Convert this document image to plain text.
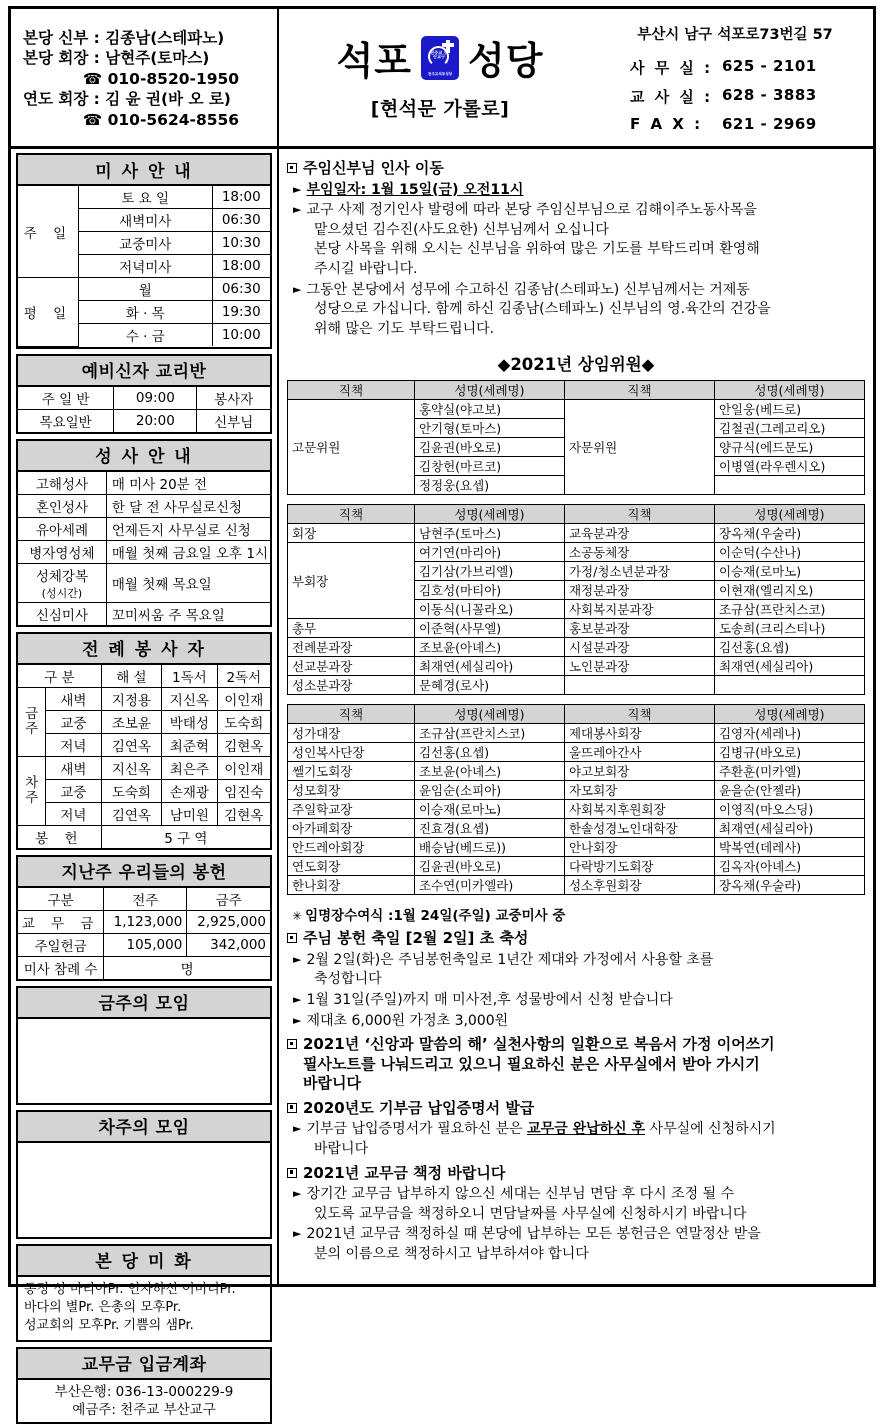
본당 신부 : 김종남(스테파노)
본당 회장 : 남현주(토마스)
☎ 010-8520-1950
연도 회장 : 김 윤 권(바 오 로)
☎ 010-5624-8556
석포	천주교 부산교구
천주교석포성당 성당
[현석문 가롤로]
부산시 남구 석포로73번길 57
사 무 실 : 625 - 2101
교 사 실 : 628 - 3883
F A X :	621 - 2969
미 사 안 내
주 일	토 요 일	18:00
	새벽미사	06:30
	교중미사	10:30
	저녁미사	18:00
평 일	월	06:30
	화 · 목	19:30
	수 · 금	10:00
예비신자 교리반
주 일 반	09:00	봉사자
목요일반	20:00	신부님
성 사 안 내
고해성사	매 미사 20분 전
혼인성사	한 달 전 사무실로신청
유아세례	언제든지 사무실로 신청
병자영성체	매월 첫째 금요일 오후 1시
성체강복
(성시간)	매월 첫째 목요일
신심미사	꼬미씨움 주 목요일
전 례 봉 사 자
구 분		해 설	1독서	2독서

금
주	새벽	지정용	지신옥	이인재
	교중	조보윤	박태성	도숙희
	저녁	김연옥	최준혁	김현옥

차
주	새벽	지신옥	최은주	이인재
	교중	도숙희	손재광	임진숙
	저녁	김연옥	남미원	김현옥
봉 헌		5 구 역		
지난주 우리들의 봉헌
구분	전주	금주
교 무 금	1,123,000	2,925,000
주일헌금	105,000	342,000
미사 참례 수	명	
금주의 모임
차주의 모임
본 당 미 화
동정 성 마리아Pr. 인자하신 어머니Pr.
바다의 별Pr. 은총의 모후Pr.
성교회의 모후Pr. 기쁨의 샘Pr.
교무금 입금계좌
부산은행: 036-13-000229-9
예금주: 천주교 부산교구
주임신부님 인사 이동
► 부임일자: 1월 15일(금) 오전11시
► 교구 사제 정기인사 발령에 따라 본당 주임신부님으로 김해이주노동사목을
맡으셨던 김수진(사도요한) 신부님께서 오십니다
본당 사목을 위해 오시는 신부님을 위하여 많은 기도를 부탁드리며 환영해
주시길 바랍니다.
► 그동안 본당에서 성무에 수고하신 김종남(스테파노) 신부님께서는 거제동
성당으로 가십니다. 함께 하신 김종남(스테파노) 신부님의 영.육간의 건강을
위해 많은 기도 부탁드립니다.
◆2021년 상임위원◆
직책	성명(세례명)	직책	성명(세례명)
고문위원	홍약실(야고보)	자문위원	안일웅(베드로)
	안기형(토마스)		김철권(그레고리오)
	김윤권(바오로)		양규식(에드문도)
	김창헌(마르코)		이병열(라우렌시오)
	정정웅(요셉)		
직책	성명(세례명)	직책	성명(세례명)
회장	남현주(토마스)	교육분과장	장옥채(우술라)
부회장	여기연(마리아)	소공동체장	이순덕(수산나)
	김기삼(가브리엘)	가정/청소년분과장	이승재(로마노)
	김호성(마티아)	재정분과장	이현재(엘리지오)
	이동식(니꼴라오)	사회복지분과장	조규삼(프란치스코)
총무	이준혁(사무엘)	홍보분과장	도송희(크리스티나)
전례분과장	조보윤(아녜스)	시설분과장	김선홍(요셉)
선교분과장	최재연(세실리아)	노인분과장	최재연(세실리아)
성소분과장	문혜경(로사)		
직책	성명(세례명)	직책	성명(세례명)
성가대장	조규삼(프란치스코)	제대봉사회장	김영자(세레나)
성인복사단장	김선홍(요셉)	울뜨레아간사	김병규(바오로)
쎌기도회장	조보윤(아녜스)	야고보회장	주환훈(미카엘)
성모회장	윤임순(소피아)	자모회장	윤을순(안젤라)
주일학교장	이승재(로마노)	사회복지후원회장	이영직(마오스딩)
아가페회장	진효경(요셉)	한솔성경노인대학장	최재연(세실리아)
안드레아회장	배승남(베드로))	안나회장	박복연(데레사)
연도회장	김윤권(바오로)	다락방기도회장	김옥자(아녜스)
한나회장	조수연(미카엘라)	성소후원회장	장옥채(우술라)
✳ 임명장수여식 :1월 24일(주일) 교중미사 중
주님 봉헌 축일 [2월 2일] 초 축성
► 2월 2일(화)은 주님봉헌축일로 1년간 제대와 가정에서 사용할 초를
축성합니다
► 1월 31일(주일)까지 매 미사전,후 성물방에서 신청 받습니다
► 제대초 6,000원 가정초 3,000원
2021년 ‘신앙과 말씀의 해’ 실천사항의 일환으로 복음서 가정 이어쓰기
필사노트를 나눠드리고 있으니 필요하신 분은 사무실에서 받아 가시기
바랍니다
2020년도 기부금 납입증명서 발급
► 기부금 납입증명서가 필요하신 분은 교무금 완납하신 후 사무실에 신청하시기
바랍니다
2021년 교무금 책정 바랍니다
► 장기간 교무금 납부하지 않으신 세대는 신부님 면담 후 다시 조정 될 수
있도록 교무금을 책정하오니 면담날짜를 사무실에 신청하시기 바랍니다
► 2021년 교무금 책정하실 때 본당에 납부하는 모든 봉헌금은 연말정산 받을
분의 이름으로 책정하시고 납부하셔야 합니다
